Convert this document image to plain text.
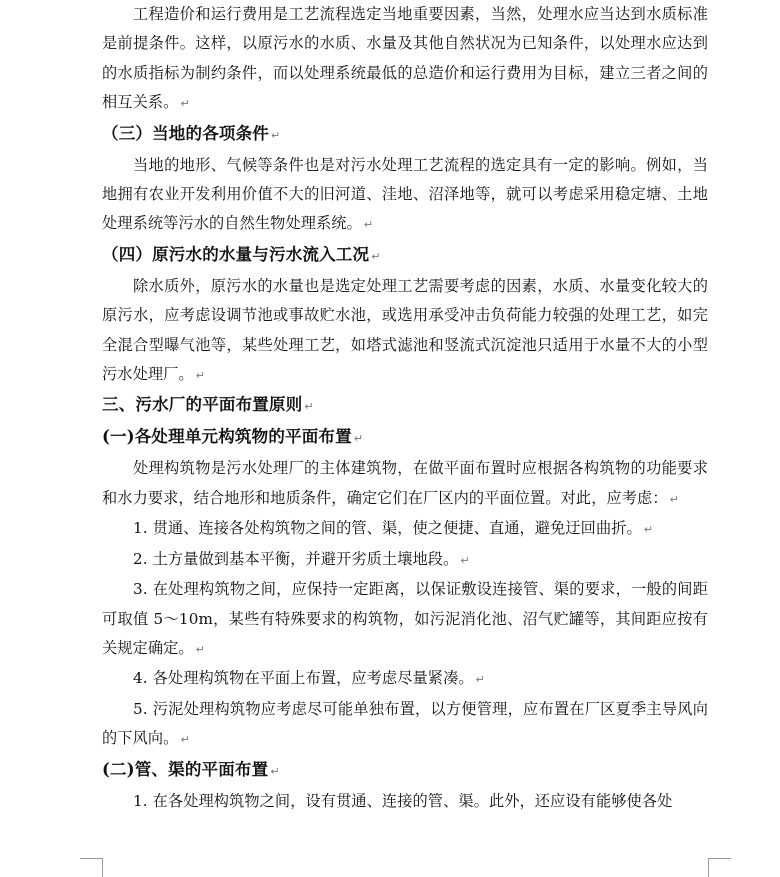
工程造价和运行费用是工艺流程选定当地重要因素，当然，处理水应当达到水质标准是前提条件。这样，以原污水的水质、水量及其他自然状况为已知条件，以处理水应达到的水质指标为制约条件，而以处理系统最低的总造价和运行费用为目标，建立三者之间的相互关系。 ↵

（三）当地的各项条件 ↵

当地的地形、气候等条件也是对污水处理工艺流程的选定具有一定的影响。例如，当地拥有农业开发利用价值不大的旧河道、洼地、沼泽地等，就可以考虑采用稳定塘、土地处理系统等污水的自然生物处理系统。 ↵

（四）原污水的水量与污水流入工况 ↵

除水质外，原污水的水量也是选定处理工艺需要考虑的因素，水质、水量变化较大的原污水，应考虑设调节池或事故贮水池，或选用承受冲击负荷能力较强的处理工艺，如完全混合型曝气池等，某些处理工艺，如塔式滤池和竖流式沉淀池只适用于水量不大的小型污水处理厂。 ↵

三、污水厂的平面布置原则 ↵
(一)各处理单元构筑物的平面布置 ↵

处理构筑物是污水处理厂的主体建筑物，在做平面布置时应根据各构筑物的功能要求和水力要求，结合地形和地质条件，确定它们在厂区内的平面位置。对此，应考虑： ↵

1. 贯通、连接各处构筑物之间的管、渠，使之便捷、直通，避免迂回曲折。 ↵

2. 土方量做到基本平衡，并避开劣质土壤地段。 ↵

3. 在处理构筑物之间，应保持一定距离，以保证敷设连接管、渠的要求，一般的间距可取值 5～10m，某些有特殊要求的构筑物，如污泥消化池、沼气贮罐等，其间距应按有关规定确定。 ↵

4. 各处理构筑物在平面上布置，应考虑尽量紧凑。 ↵

5. 污泥处理构筑物应考虑尽可能单独布置，以方便管理，应布置在厂区夏季主导风向的下风向。 ↵

(二)管、渠的平面布置 ↵

1. 在各处理构筑物之间，设有贯通、连接的管、渠。此外，还应设有能够使各处
